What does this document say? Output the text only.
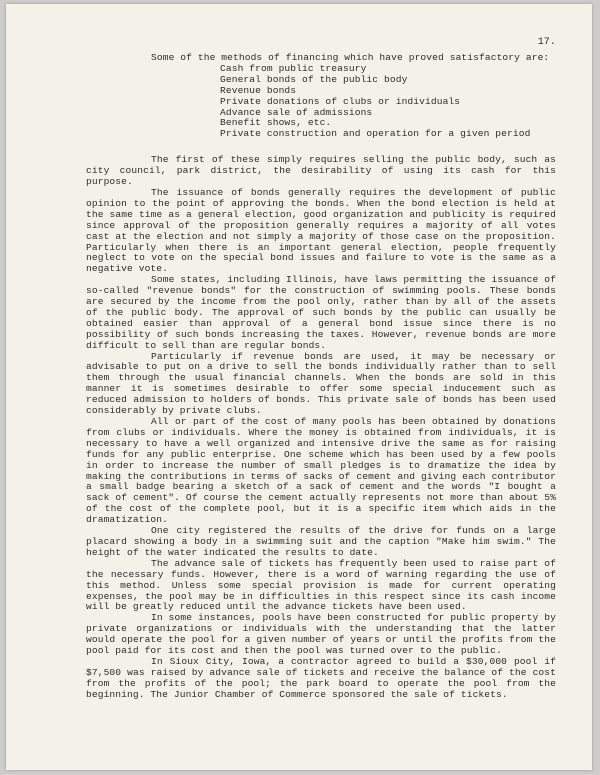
17.

Some of the methods of financing which have proved satisfactory are:

Cash from public treasury
General bonds of the public body
Revenue bonds
Private donations of clubs or individuals
Advance sale of admissions
Benefit shows, etc.
Private construction and operation for a given period

The first of these simply requires selling the public body, such as city council, park district, the desirability of using its cash for this purpose.

The issuance of bonds generally requires the development of public opinion to the point of approving the bonds. When the bond election is held at the same time as a general election, good organization and publicity is required since approval of the proposition generally requires a majority of all votes cast at the election and not simply a majority of those case on the proposition. Particularly when there is an important general election, people frequently neglect to vote on the special bond issues and failure to vote is the same as a negative vote.

Some states, including Illinois, have laws permitting the issuance of so-called "revenue bonds" for the construction of swimming pools. These bonds are secured by the income from the pool only, rather than by all of the assets of the public body. The approval of such bonds by the public can usually be obtained easier than approval of a general bond issue since there is no possibility of such bonds increasing the taxes. However, revenue bonds are more difficult to sell than are regular bonds.

Particularly if revenue bonds are used, it may be necessary or advisable to put on a drive to sell the bonds individually rather than to sell them through the usual financial channels. When the bonds are sold in this manner it is sometimes desirable to offer some special inducement such as reduced admission to holders of bonds. This private sale of bonds has been used considerably by private clubs.

All or part of the cost of many pools has been obtained by donations from clubs or individuals. Where the money is obtained from individuals, it is necessary to have a well organized and intensive drive the same as for raising funds for any public enterprise. One scheme which has been used by a few pools in order to increase the number of small pledges is to dramatize the idea by making the contributions in terms of sacks of cement and giving each contributor a small badge bearing a sketch of a sack of cement and the words "I bought a sack of cement". Of course the cement actually represents not more than about 5% of the cost of the complete pool, but it is a specific item which aids in the dramatization.

One city registered the results of the drive for funds on a large placard showing a body in a swimming suit and the caption "Make him swim." The height of the water indicated the results to date.

The advance sale of tickets has frequently been used to raise part of the necessary funds. However, there is a word of warning regarding the use of this method. Unless some special provision is made for current operating expenses, the pool may be in difficulties in this respect since its cash income will be greatly reduced until the advance tickets have been used.

In some instances, pools have been constructed for public property by private organizations or individuals with the understanding that the latter would operate the pool for a given number of years or until the profits from the pool paid for its cost and then the pool was turned over to the public.

In Sioux City, Iowa, a contractor agreed to build a $30,000 pool if $7,500 was raised by advance sale of tickets and receive the balance of the cost from the profits of the pool; the park board to operate the pool from the beginning. The Junior Chamber of Commerce sponsored the sale of tickets.
